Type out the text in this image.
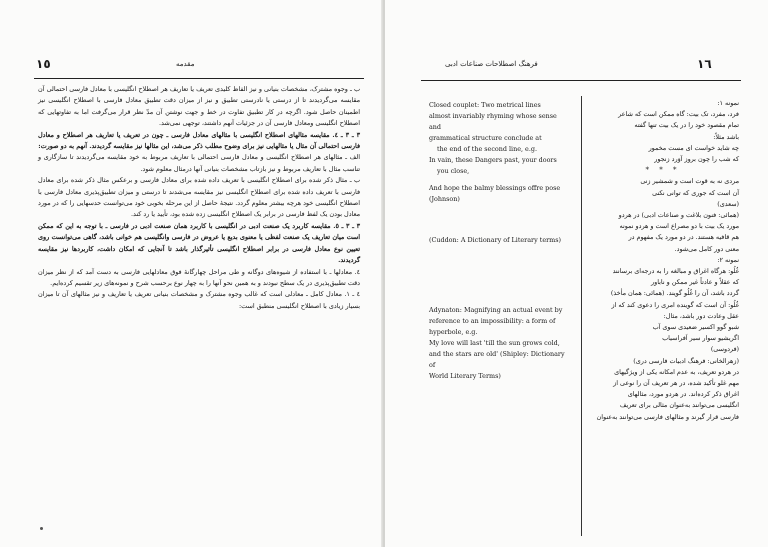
١٥	مقدمه

ب ـ وجوه مشترک، مشخصات بنیانی و نیز الفاظ کلیدی تعریف یا تعاریف هر اصطلاح انگلیسی با معادل فارسی احتمالی آن مقایسه می‌گردیدند تا از درستی یا نادرستی تطبیق و نیز از میزان دقت تطبیق معادل فارسی با اصطلاح انگلیسی نیز اطمینان حاصل شود. اگرچه در کار تطبیق تفاوت در خط و جهت نوشتن آن مدّ نظر قرار می‌گرفت اما به تفاوتهایی که اصطلاح انگلیسی ومعادل فارسی آن در جزئیات آنهم داشتند، توجهی نمی‌شد.

٣ ـ ٣ ـ ٤. مقایسه مثالهای اصطلاح انگلیسی با مثالهای معادل فارسی ـ چون در تعریف یا تعاریف هر اصطلاح و معادل فارسی احتمالی آن مثال یا مثالهایی نیز برای وضوح مطلب ذکر می‌شد، این مثالها نیز مقایسه گردیدند. آنهم به دو صورت:

الف ـ مثالهای هر اصطلاح انگلیسی و معادل فارسی احتمالی با تعاریف مربوط به خود مقایسه می‌گردیدند تا سازگاری و تناسب مثال با تعاریف مربوط و نیز بازتاب مشخصات بنیانی آنها درمثال معلوم شود.

ب ـ مثال ذکر شده برای اصطلاح انگلیسی با تعریف داده شده برای معادل فارسی و برعکس مثال ذکر شده برای معادل فارسی با تعریف داده شده برای اصطلاح انگلیسی نیز مقایسه می‌شدند تا درستی و میزان تطبیق‌پذیری معادل فارسی با اصطلاح انگلیسی خود هرچه بیشتر معلوم گردد. نتیجهٔ حاصل از این مرحله بخوبی خود می‌توانست حدسهایی را که در مورد معادل بودن یک لفظ فارسی در برابر یک اصطلاح انگلیسی زده شده بود، تأیید یا رد کند.

٣ ـ ٣ ـ ٥. مقایسه کاربرد یک صنعت ادبی در انگلیسی با کاربرد همان صنعت ادبی در فارسی ـ با توجه به این که ممکن است میان تعاریف یک صنعت لفظی یا معنوی بدیع یا عروض در فارسی وانگلیسی هم خوانی باشد، گاهی می‌توانست روی تعیین نوع معادل فارسی در برابر اصطلاح انگلیسی تأثیرگذار باشد تا آنجایی که امکان داشت، کاربردها نیز مقایسه گردیدند.

٤. معادلها ـ با استفاده از شیوه‌های دوگانه و طی مراحل چهارگانهٔ فوق معادلهایی فارسی به دست آمد که از نظر میزان دقت تطبیق‌پذیری در یک سطح نبودند و به همین نحو آنها را به چهار نوع برحسب شرح و نمونه‌های زیر تقسیم کرده‌ایم.

٤ ـ ١. معادل کامل ـ معادلی است که غالب وجوه مشترک و مشخصات بنیانی تعریف یا تعاریف و نیز مثالهای آن تا میزان بسیار زیادی با اصطلاح انگلیسی منطبق است:

فرهنگ اصطلاحات صناعات ادبی	١٦

Closed couplet: Two metrical lines

almost invariably rhyming whose sense and

grammatical structure conclude at

the end of the second line, e.g.

In vain, these Dangers past, your doors

you close,

And hope the balmy blessings offre pose

(Johnson)

(Cuddon: A Dictionary of Literary terms)

Adynaton: Magnifying an actual event by

reference to an impossibility: a form of

hyperbole, e.g.

My love will last 'till the sun grows cold,

and the stars are old' (Shipley: Dictionary of

World Literary Terms)

نمونه ١:

فرد، مفرد، تک بیت: گاه ممکن است که شاعر

تمام مقصود خود را در یک بیت تنها گفته

باشد مثلاً:

چه شاید خواست ای مست مخمور

که شب را چون بروز آوَرد زنجور

* * *

مردی نه به قوت است و شمشیر زنی

آن است که جوری که توانی نکنی

(سعدی)

(همائی: فنون بلاغت و صناعات ادبی) در هردو

مورد یک بیت با دو مصراع است و هردو نمونه

هم قافیه هستند. در دو مورد یک مفهوم در

معنی دور کامل می‌شود.

نمونه ٢:

غُلُو: هرگاه اغراق و مبالغه را به درجه‌ای برسانند

که عقلاً و عادتاً غیر ممکن و ناباور

گردد باشد، آن را غُلُو گویند. (همائی: همان مأخذ)

غُلُو: آن است که گوینده امری را دعوی کند که از

عقل وعادت دور باشد، مثال:

شبو گوو اکسیر ضعیدی سوی آب

اگریشیو سوار سیر اَفراسیاب

(فردوسی)

(زهرالخانی: فرهنگ ادبیات فارسی دری)

در هردو تعریف، به عدم امکانه یکی از ویژگیهای

مهم غلو تأکید شده، در هر تعریف آن را نوعی از

اغراق ذکر کرده‌اند. در هردو مورد، مثالهای

انگلیسی می‌توانند به‌عنوان مثالی برای تعریف

فارسی قرار گیرند و مثالهای فارسی می‌توانند به‌عنوان
